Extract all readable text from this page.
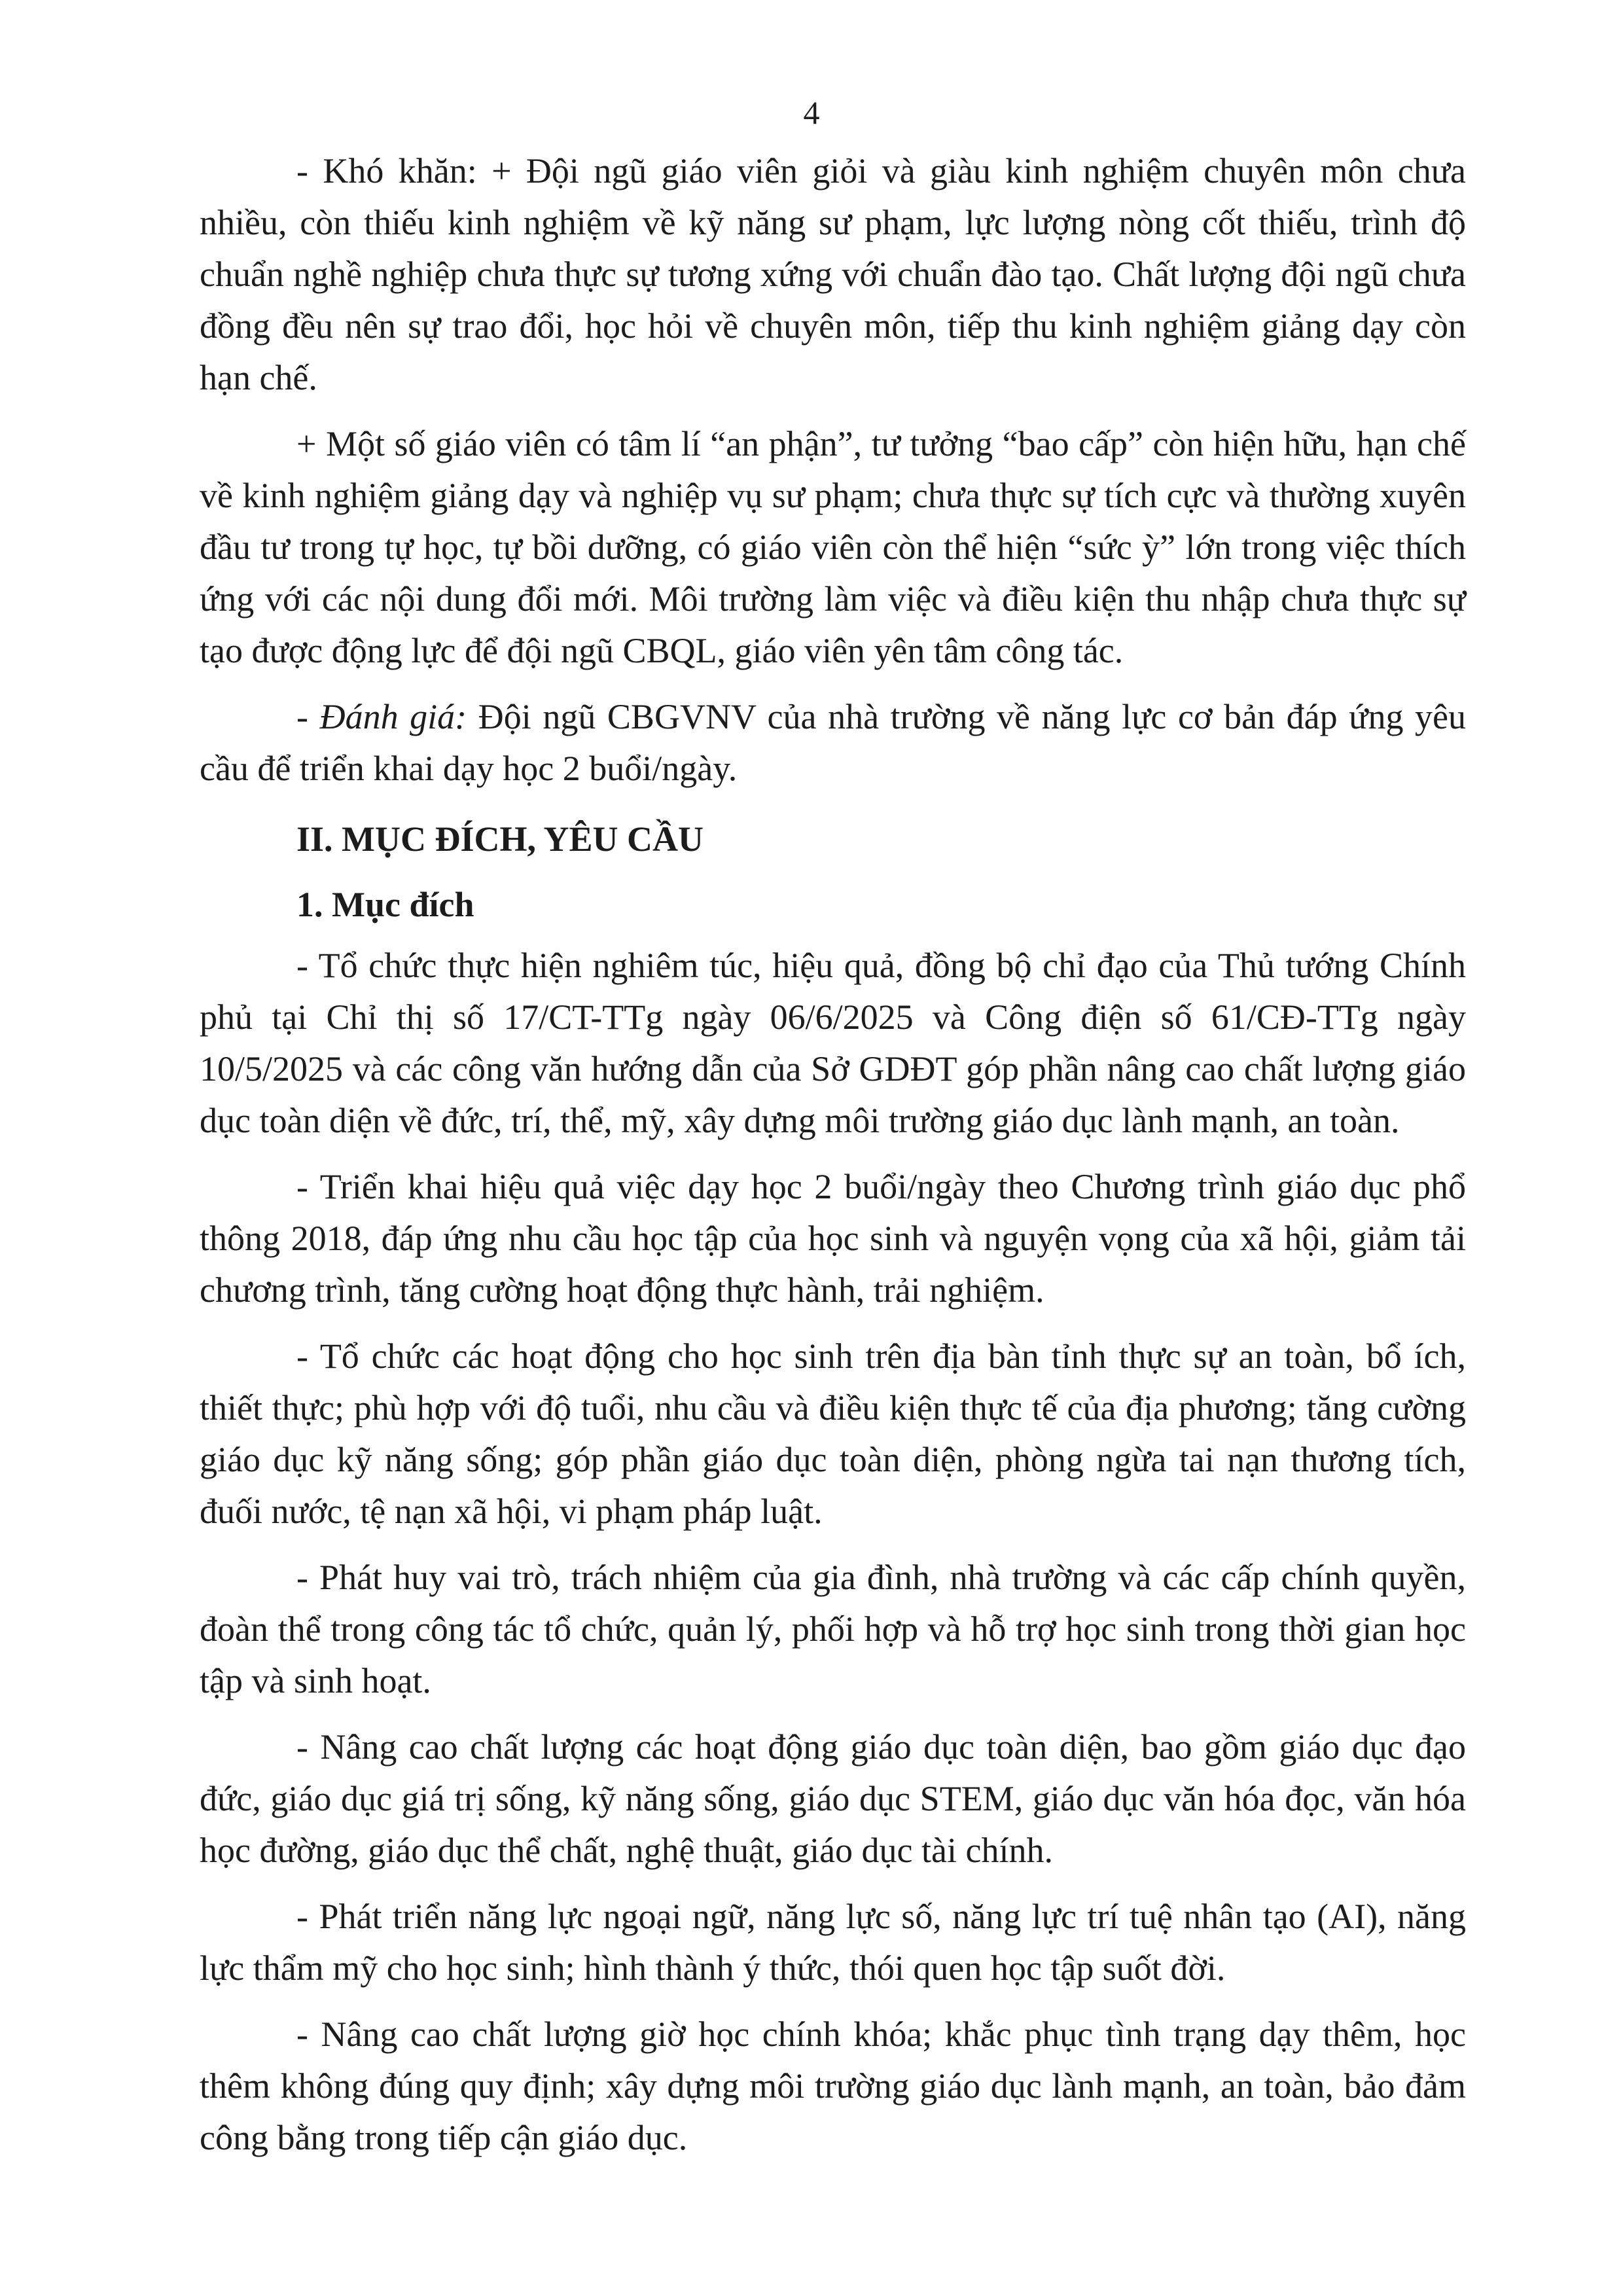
4

- Khó khăn: + Đội ngũ giáo viên giỏi và giàu kinh nghiệm chuyên môn chưa nhiều, còn thiếu kinh nghiệm về kỹ năng sư phạm, lực lượng nòng cốt thiếu, trình độ chuẩn nghề nghiệp chưa thực sự tương xứng với chuẩn đào tạo. Chất lượng đội ngũ chưa đồng đều nên sự trao đổi, học hỏi về chuyên môn, tiếp thu kinh nghiệm giảng dạy còn hạn chế.

+ Một số giáo viên có tâm lí “an phận”, tư tưởng “bao cấp” còn hiện hữu, hạn chế về kinh nghiệm giảng dạy và nghiệp vụ sư phạm; chưa thực sự tích cực và thường xuyên đầu tư trong tự học, tự bồi dưỡng, có giáo viên còn thể hiện “sức ỳ” lớn trong việc thích ứng với các nội dung đổi mới. Môi trường làm việc và điều kiện thu nhập chưa thực sự tạo được động lực để đội ngũ CBQL, giáo viên yên tâm công tác.

- Đánh giá: Đội ngũ CBGVNV của nhà trường về năng lực cơ bản đáp ứng yêu cầu để triển khai dạy học 2 buổi/ngày.

II. MỤC ĐÍCH, YÊU CẦU
1. Mục đích

- Tổ chức thực hiện nghiêm túc, hiệu quả, đồng bộ chỉ đạo của Thủ tướng Chính phủ tại Chỉ thị số 17/CT-TTg ngày 06/6/2025 và Công điện số 61/CĐ-TTg ngày 10/5/2025 và các công văn hướng dẫn của Sở GDĐT góp phần nâng cao chất lượng giáo dục toàn diện về đức, trí, thể, mỹ, xây dựng môi trường giáo dục lành mạnh, an toàn.

- Triển khai hiệu quả việc dạy học 2 buổi/ngày theo Chương trình giáo dục phổ thông 2018, đáp ứng nhu cầu học tập của học sinh và nguyện vọng của xã hội, giảm tải chương trình, tăng cường hoạt động thực hành, trải nghiệm.

- Tổ chức các hoạt động cho học sinh trên địa bàn tỉnh thực sự an toàn, bổ ích, thiết thực; phù hợp với độ tuổi, nhu cầu và điều kiện thực tế của địa phương; tăng cường giáo dục kỹ năng sống; góp phần giáo dục toàn diện, phòng ngừa tai nạn thương tích, đuối nước, tệ nạn xã hội, vi phạm pháp luật.

- Phát huy vai trò, trách nhiệm của gia đình, nhà trường và các cấp chính quyền, đoàn thể trong công tác tổ chức, quản lý, phối hợp và hỗ trợ học sinh trong thời gian học tập và sinh hoạt.

- Nâng cao chất lượng các hoạt động giáo dục toàn diện, bao gồm giáo dục đạo đức, giáo dục giá trị sống, kỹ năng sống, giáo dục STEM, giáo dục văn hóa đọc, văn hóa học đường, giáo dục thể chất, nghệ thuật, giáo dục tài chính.

- Phát triển năng lực ngoại ngữ, năng lực số, năng lực trí tuệ nhân tạo (AI), năng lực thẩm mỹ cho học sinh; hình thành ý thức, thói quen học tập suốt đời.

- Nâng cao chất lượng giờ học chính khóa; khắc phục tình trạng dạy thêm, học thêm không đúng quy định; xây dựng môi trường giáo dục lành mạnh, an toàn, bảo đảm công bằng trong tiếp cận giáo dục.
